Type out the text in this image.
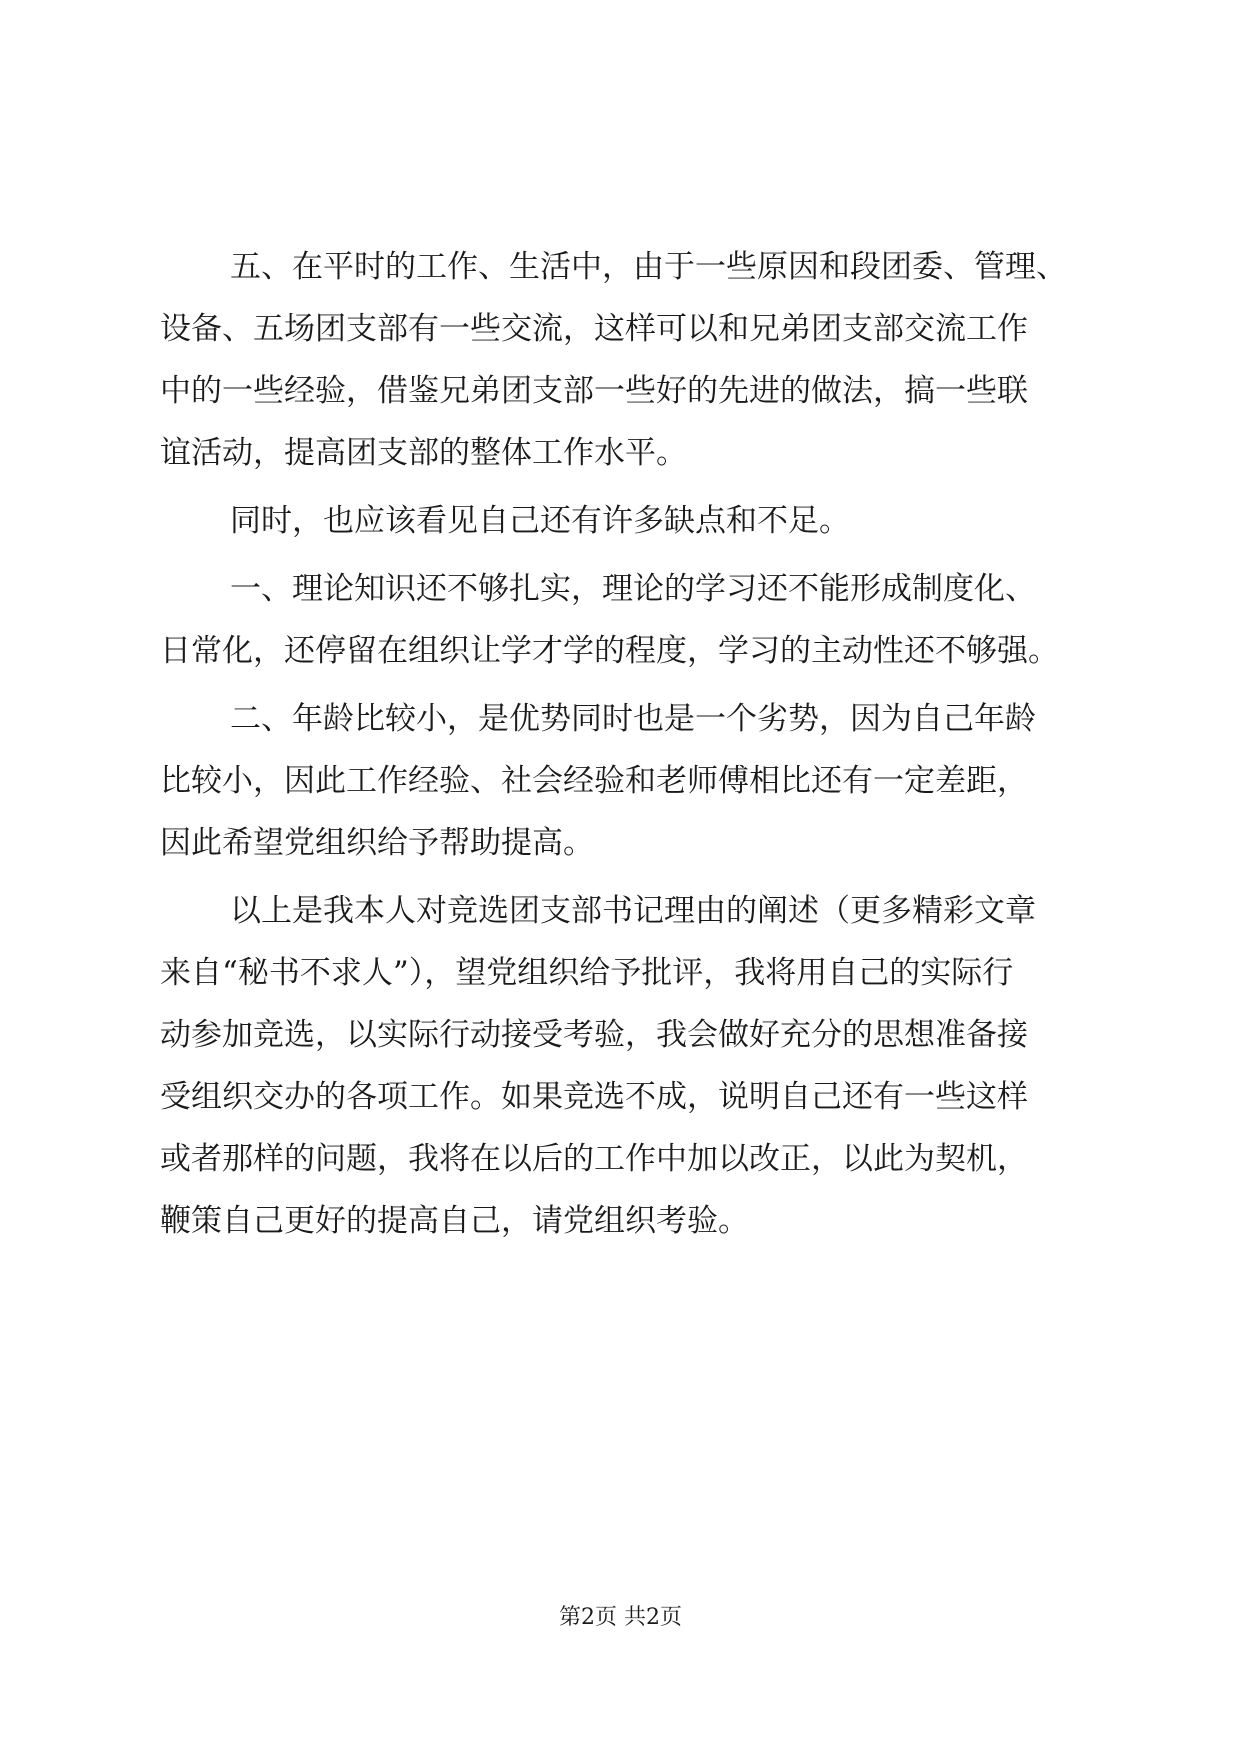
五、在平时的工作、生活中，由于一些原因和段团委、管理、
设备、五场团支部有一些交流，这样可以和兄弟团支部交流工作
中的一些经验，借鉴兄弟团支部一些好的先进的做法，搞一些联
谊活动，提高团支部的整体工作水平。
同时，也应该看见自己还有许多缺点和不足。
一、理论知识还不够扎实，理论的学习还不能形成制度化、
日常化，还停留在组织让学才学的程度，学习的主动性还不够强。
二、年龄比较小，是优势同时也是一个劣势，因为自己年龄
比较小，因此工作经验、社会经验和老师傅相比还有一定差距，
因此希望党组织给予帮助提高。
以上是我本人对竞选团支部书记理由的阐述（更多精彩文章
来自“秘书不求人”），望党组织给予批评，我将用自己的实际行
动参加竞选，以实际行动接受考验，我会做好充分的思想准备接
受组织交办的各项工作。如果竞选不成，说明自己还有一些这样
或者那样的问题，我将在以后的工作中加以改正，以此为契机，
鞭策自己更好的提高自己，请党组织考验。
第2页 共2页
